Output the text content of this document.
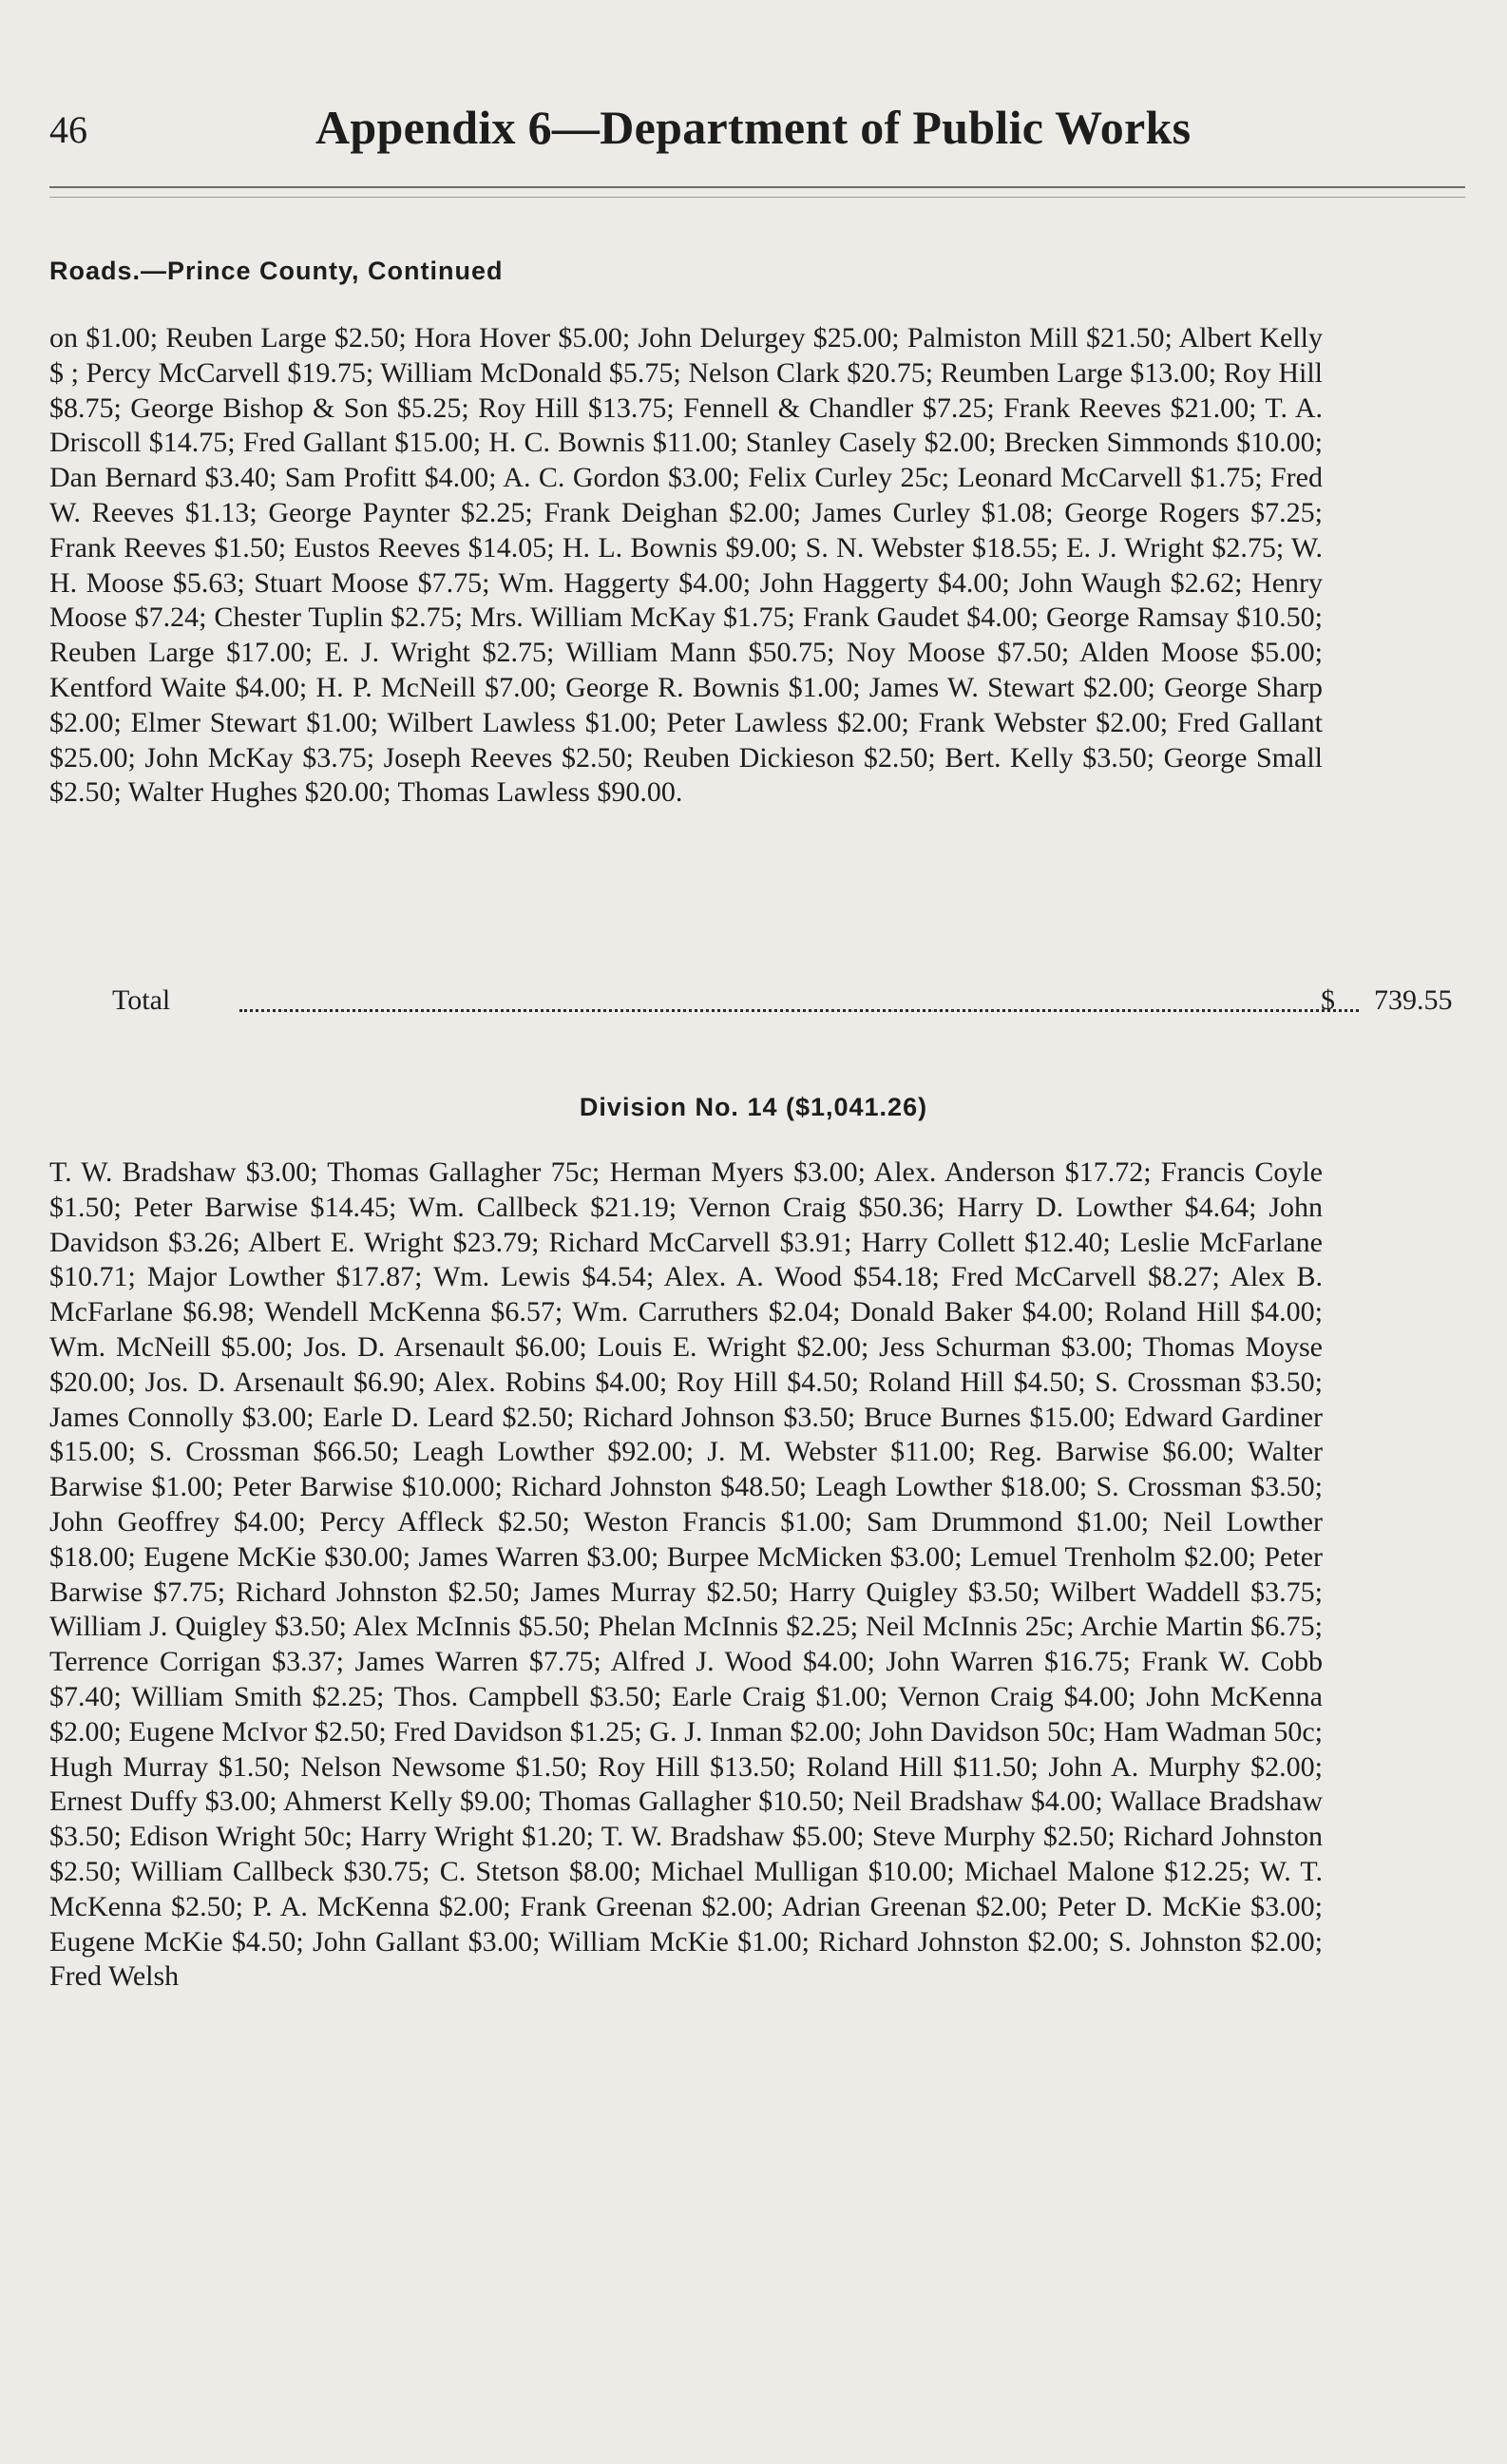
46	Appendix 6—Department of Public Works
Roads.—Prince County, Continued

on $1.00; Reuben Large $2.50; Hora Hover $5.00; John Delurgey $25.00; Palmiston Mill $21.50; Albert Kelly $ ; Percy McCarvell $19.75; William McDonald $5.75; Nelson Clark $20.75; Reumben Large $13.00; Roy Hill $8.75; George Bishop & Son $5.25; Roy Hill $13.75; Fennell & Chandler $7.25; Frank Reeves $21.00; T. A. Driscoll $14.75; Fred Gallant $15.00; H. C. Bownis $11.00; Stanley Casely $2.00; Brecken Simmonds $10.00; Dan Bernard $3.40; Sam Profitt $4.00; A. C. Gordon $3.00; Felix Curley 25c; Leonard McCarvell $1.75; Fred W. Reeves $1.13; George Paynter $2.25; Frank Deighan $2.00; James Curley $1.08; George Rogers $7.25; Frank Reeves $1.50; Eustos Reeves $14.05; H. L. Bownis $9.00; S. N. Webster $18.55; E. J. Wright $2.75; W. H. Moose $5.63; Stuart Moose $7.75; Wm. Haggerty $4.00; John Haggerty $4.00; John Waugh $2.62; Henry Moose $7.24; Chester Tuplin $2.75; Mrs. William McKay $1.75; Frank Gaudet $4.00; George Ramsay $10.50; Reuben Large $17.00; E. J. Wright $2.75; William Mann $50.75; Noy Moose $7.50; Alden Moose $5.00; Kentford Waite $4.00; H. P. McNeill $7.00; George R. Bownis $1.00; James W. Stewart $2.00; George Sharp $2.00; Elmer Stewart $1.00; Wilbert Lawless $1.00; Peter Lawless $2.00; Frank Webster $2.00; Fred Gallant $25.00; John McKay $3.75; Joseph Reeves $2.50; Reuben Dickieson $2.50; Bert. Kelly $3.50; George Small $2.50; Walter Hughes $20.00; Thomas Lawless $90.00.

Total	$ 739.55
Division No. 14 ($1,041.26)

T. W. Bradshaw $3.00; Thomas Gallagher 75c; Herman Myers $3.00; Alex. Anderson $17.72; Francis Coyle $1.50; Peter Barwise $14.45; Wm. Callbeck $21.19; Vernon Craig $50.36; Harry D. Lowther $4.64; John Davidson $3.26; Albert E. Wright $23.79; Richard McCarvell $3.91; Harry Collett $12.40; Leslie McFarlane $10.71; Major Lowther $17.87; Wm. Lewis $4.54; Alex. A. Wood $54.18; Fred McCarvell $8.27; Alex B. McFarlane $6.98; Wendell McKenna $6.57; Wm. Carruthers $2.04; Donald Baker $4.00; Roland Hill $4.00; Wm. McNeill $5.00; Jos. D. Arsenault $6.00; Louis E. Wright $2.00; Jess Schurman $3.00; Thomas Moyse $20.00; Jos. D. Arsenault $6.90; Alex. Robins $4.00; Roy Hill $4.50; Roland Hill $4.50; S. Crossman $3.50; James Connolly $3.00; Earle D. Leard $2.50; Richard Johnson $3.50; Bruce Burnes $15.00; Edward Gardiner $15.00; S. Crossman $66.50; Leagh Lowther $92.00; J. M. Webster $11.00; Reg. Barwise $6.00; Walter Barwise $1.00; Peter Barwise $10.000; Richard Johnston $48.50; Leagh Lowther $18.00; S. Crossman $3.50; John Geoffrey $4.00; Percy Affleck $2.50; Weston Francis $1.00; Sam Drummond $1.00; Neil Lowther $18.00; Eugene McKie $30.00; James Warren $3.00; Burpee McMicken $3.00; Lemuel Trenholm $2.00; Peter Barwise $7.75; Richard Johnston $2.50; James Murray $2.50; Harry Quigley $3.50; Wilbert Waddell $3.75; William J. Quigley $3.50; Alex McInnis $5.50; Phelan McInnis $2.25; Neil McInnis 25c; Archie Martin $6.75; Terrence Corrigan $3.37; James Warren $7.75; Alfred J. Wood $4.00; John Warren $16.75; Frank W. Cobb $7.40; William Smith $2.25; Thos. Campbell $3.50; Earle Craig $1.00; Vernon Craig $4.00; John McKenna $2.00; Eugene McIvor $2.50; Fred Davidson $1.25; G. J. Inman $2.00; John Davidson 50c; Ham Wadman 50c; Hugh Murray $1.50; Nelson Newsome $1.50; Roy Hill $13.50; Roland Hill $11.50; John A. Murphy $2.00; Ernest Duffy $3.00; Ahmerst Kelly $9.00; Thomas Gallagher $10.50; Neil Bradshaw $4.00; Wallace Bradshaw $3.50; Edison Wright 50c; Harry Wright $1.20; T. W. Bradshaw $5.00; Steve Murphy $2.50; Richard Johnston $2.50; William Callbeck $30.75; C. Stetson $8.00; Michael Mulligan $10.00; Michael Malone $12.25; W. T. McKenna $2.50; P. A. McKenna $2.00; Frank Greenan $2.00; Adrian Greenan $2.00; Peter D. McKie $3.00; Eugene McKie $4.50; John Gallant $3.00; William McKie $1.00; Richard Johnston $2.00; S. Johnston $2.00; Fred Welsh
